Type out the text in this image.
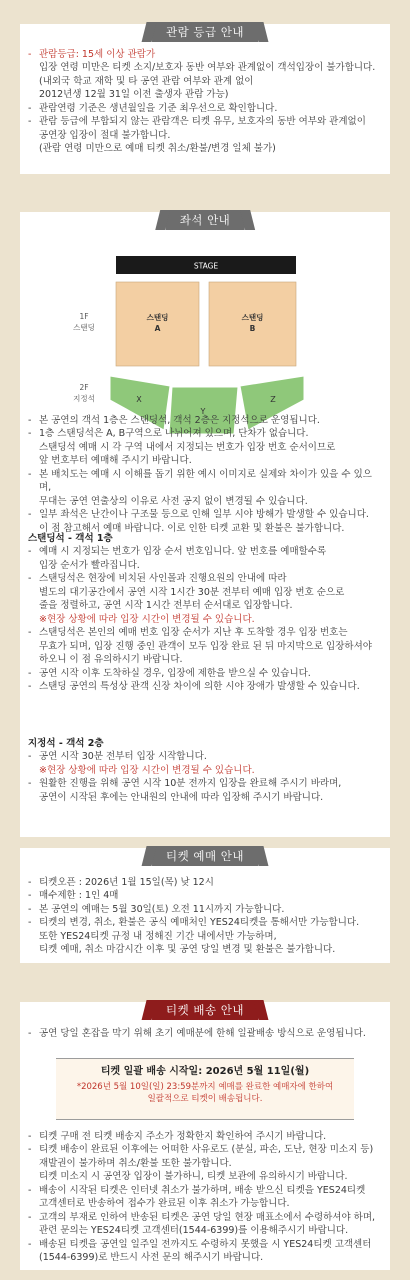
관람 등급 안내
- 관람등급: 15세 이상 관람가
입장 연령 미만은 티켓 소지/보호자 동반 여부와 관계없이 객석입장이 불가합니다.
(내외국 학교 재학 및 타 공연 관람 여부와 관계 없이
2012년생 12월 31일 이전 출생자 관람 가능)
- 관람연령 기준은 생년월일을 기준 최우선으로 확인합니다.
- 관람 등급에 부합되지 않는 관람객은 티켓 유무, 보호자의 동반 여부와 관계없이
공연장 입장이 절대 불가합니다.
(관람 연령 미만으로 예매 티켓 취소/환불/변경 일체 불가)
좌석 안내
STAGE
1F
스탠딩
스탠딩
A
스탠딩
B
2F
지정석	X
Y
Z
- 본 공연의 객석 1층은 스탠딩석, 객석 2층은 지정석으로 운영됩니다.
- 1층 스탠딩석은 A, B구역으로 나뉘어져 있으며, 단차가 없습니다.
스탠딩석 예매 시 각 구역 내에서 지정되는 번호가 입장 번호 순서이므로
앞 번호부터 예매해 주시기 바랍니다.
- 본 배치도는 예매 시 이해를 돕기 위한 예시 이미지로 실제와 차이가 있을 수 있으며,
무대는 공연 연출상의 이유로 사전 공지 없이 변경될 수 있습니다.
- 일부 좌석은 난간이나 구조물 등으로 인해 일부 시야 방해가 발생할 수 있습니다.
이 점 참고해서 예매 바랍니다. 이로 인한 티켓 교환 및 환불은 불가합니다.
스탠딩석 - 객석 1층
- 예매 시 지정되는 번호가 입장 순서 번호입니다. 앞 번호를 예매할수록
입장 순서가 빨라집니다.
- 스탠딩석은 현장에 비치된 사인몰과 진행요원의 안내에 따라
별도의 대기공간에서 공연 시작 1시간 30분 전부터 예매 입장 번호 순으로
줄을 정렬하고, 공연 시작 1시간 전부터 순서대로 입장합니다.
※현장 상황에 따라 입장 시간이 변경될 수 있습니다.
- 스탠딩석은 본인의 예매 번호 입장 순서가 지난 후 도착할 경우 입장 번호는
무효가 되며, 입장 진행 중인 관객이 모두 입장 완료 된 뒤 마지막으로 입장하셔야
하오니 이 점 유의하시기 바랍니다.
- 공연 시작 이후 도착하실 경우, 입장에 제한을 받으실 수 있습니다.
- 스탠딩 공연의 특성상 관객 신장 차이에 의한 시야 장애가 발생할 수 있습니다.
지정석 - 객석 2층
- 공연 시작 30분 전부터 입장 시작합니다.
※현장 상황에 따라 입장 시간이 변경될 수 있습니다.
- 원활한 진행을 위해 공연 시작 10분 전까지 입장을 완료해 주시기 바라며,
공연이 시작된 후에는 안내원의 안내에 따라 입장해 주시기 바랍니다.
티켓 예매 안내
- 티켓오픈 : 2026년 1월 15일(목) 낮 12시
- 매수제한 : 1인 4매
- 본 공연의 예매는 5월 30일(토) 오전 11시까지 가능합니다.
- 티켓의 변경, 취소, 환불은 공식 예매처인 YES24티켓을 통해서만 가능합니다.
또한 YES24티켓 규정 내 정해진 기간 내에서만 가능하며,
티켓 예매, 취소 마감시간 이후 및 공연 당일 변경 및 환불은 불가합니다.
티켓 배송 안내
- 공연 당일 혼잡을 막기 위해 초기 예매분에 한해 일괄배송 방식으로 운영됩니다.
티켓 일괄 배송 시작일: 2026년 5월 11일(월)
*2026년 5월 10일(일) 23:59분까지 예매를 완료한 예매자에 한하여
일괄적으로 티켓이 배송됩니다.
- 티켓 구매 전 티켓 배송지 주소가 정확한지 확인하여 주시기 바랍니다.
- 티켓 배송이 완료된 이후에는 어떠한 사유로도 (분실, 파손, 도난, 현장 미소지 등)
재발권이 불가하며 취소/환불 또한 불가합니다.
티켓 미소지 시 공연장 입장이 불가하니, 티켓 보관에 유의하시기 바랍니다.
- 배송이 시작된 티켓은 인터넷 취소가 불가하며, 배송 받으신 티켓을 YES24티켓
고객센터로 반송하여 접수가 완료된 이후 취소가 가능합니다.
- 고객의 부재로 인하여 반송된 티켓은 공연 당일 현장 매표소에서 수령하셔야 하며,
관련 문의는 YES24티켓 고객센터(1544-6399)를 이용해주시기 바랍니다.
- 배송된 티켓을 공연일 일주일 전까지도 수령하지 못했을 시 YES24티켓 고객센터
(1544-6399)로 반드시 사전 문의 해주시기 바랍니다.
